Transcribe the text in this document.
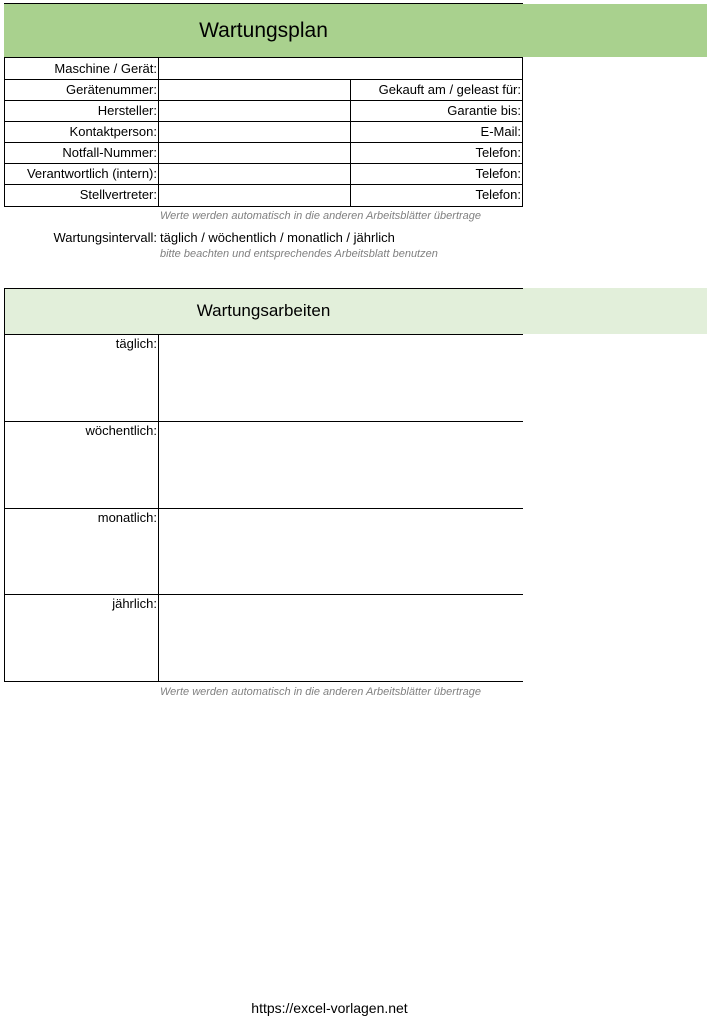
Wartungsplan
Maschine / Gerät:
Gerätenummer:	Gekauft am / geleast für:
Hersteller:	Garantie bis:
Kontaktperson:	E-Mail:
Notfall-Nummer:	Telefon:
Verantwortlich (intern):	Telefon:
Stellvertreter:	Telefon:
Werte werden automatisch in die anderen Arbeitsblätter übertrage
Wartungsintervall: täglich / wöchentlich / monatlich / jährlich
bitte beachten und entsprechendes Arbeitsblatt benutzen
Wartungsarbeiten
täglich:
wöchentlich:
monatlich:
jährlich:
Werte werden automatisch in die anderen Arbeitsblätter übertrage
https://excel-vorlagen.net
